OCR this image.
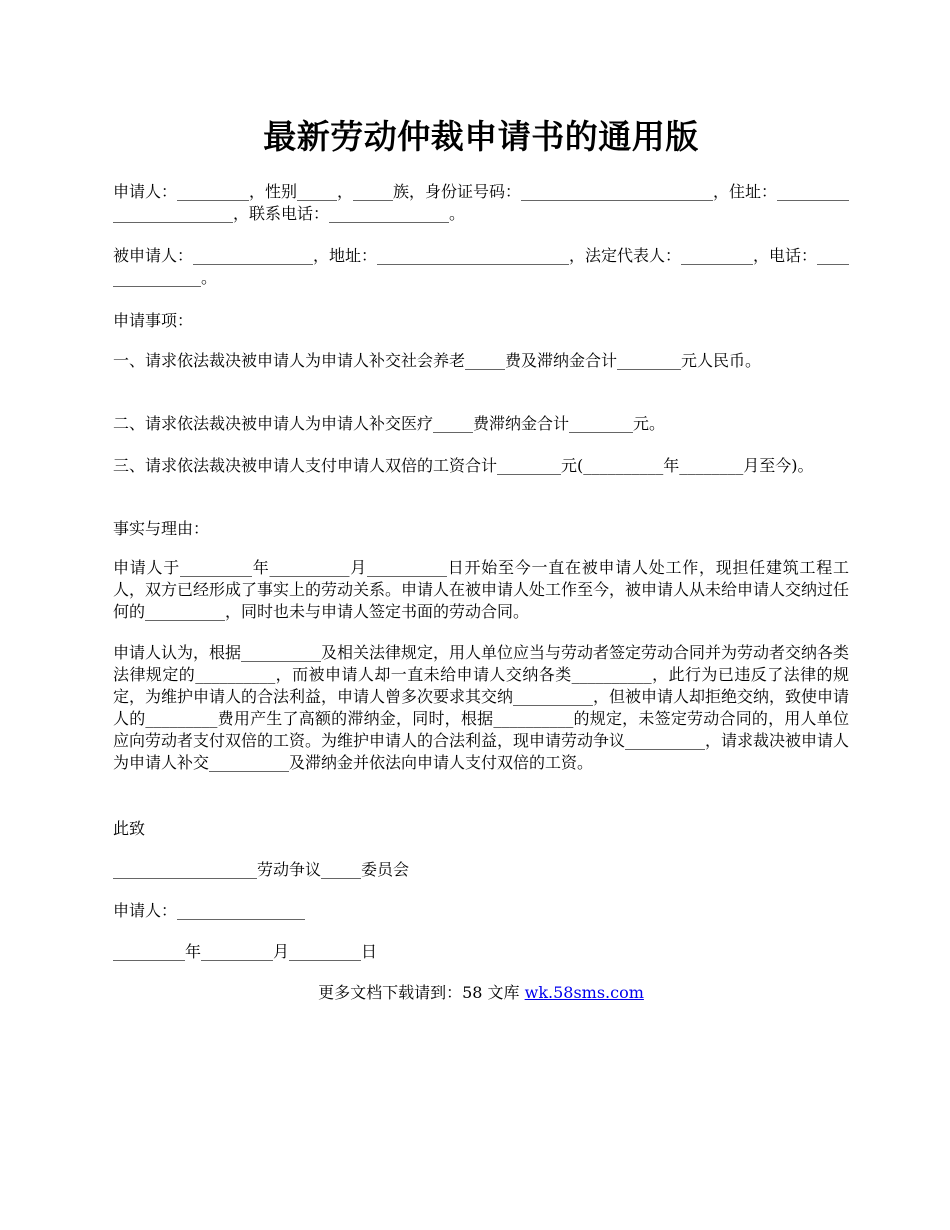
最新劳动仲裁申请书的通用版
申请人：_________，性别_____，_____族，身份证号码：________________________，住址：________________________，联系电话：_______________。
被申请人：_______________，地址：________________________，法定代表人：_________，电话：_______________。
申请事项：
一、请求依法裁决被申请人为申请人补交社会养老_____费及滞纳金合计________元人民币。
二、请求依法裁决被申请人为申请人补交医疗_____费滞纳金合计________元。
三、请求依法裁决被申请人支付申请人双倍的工资合计________元(__________年________月至今)。
事实与理由：
申请人于_________年__________月__________日开始至今一直在被申请人处工作，现担任建筑工程工人，双方已经形成了事实上的劳动关系。申请人在被申请人处工作至今，被申请人从未给申请人交纳过任何的__________，同时也未与申请人签定书面的劳动合同。
申请人认为，根据__________及相关法律规定，用人单位应当与劳动者签定劳动合同并为劳动者交纳各类法律规定的__________，而被申请人却一直未给申请人交纳各类__________，此行为已违反了法律的规定，为维护申请人的合法利益，申请人曾多次要求其交纳__________，但被申请人却拒绝交纳，致使申请人的_________费用产生了高额的滞纳金，同时，根据__________的规定，未签定劳动合同的，用人单位应向劳动者支付双倍的工资。为维护申请人的合法利益，现申请劳动争议__________，请求裁决被申请人为申请人补交__________及滞纳金并依法向申请人支付双倍的工资。
此致
__________________劳动争议_____委员会
申请人：________________
_________年_________月_________日
更多文档下载请到：58 文库 wk.58sms.com
